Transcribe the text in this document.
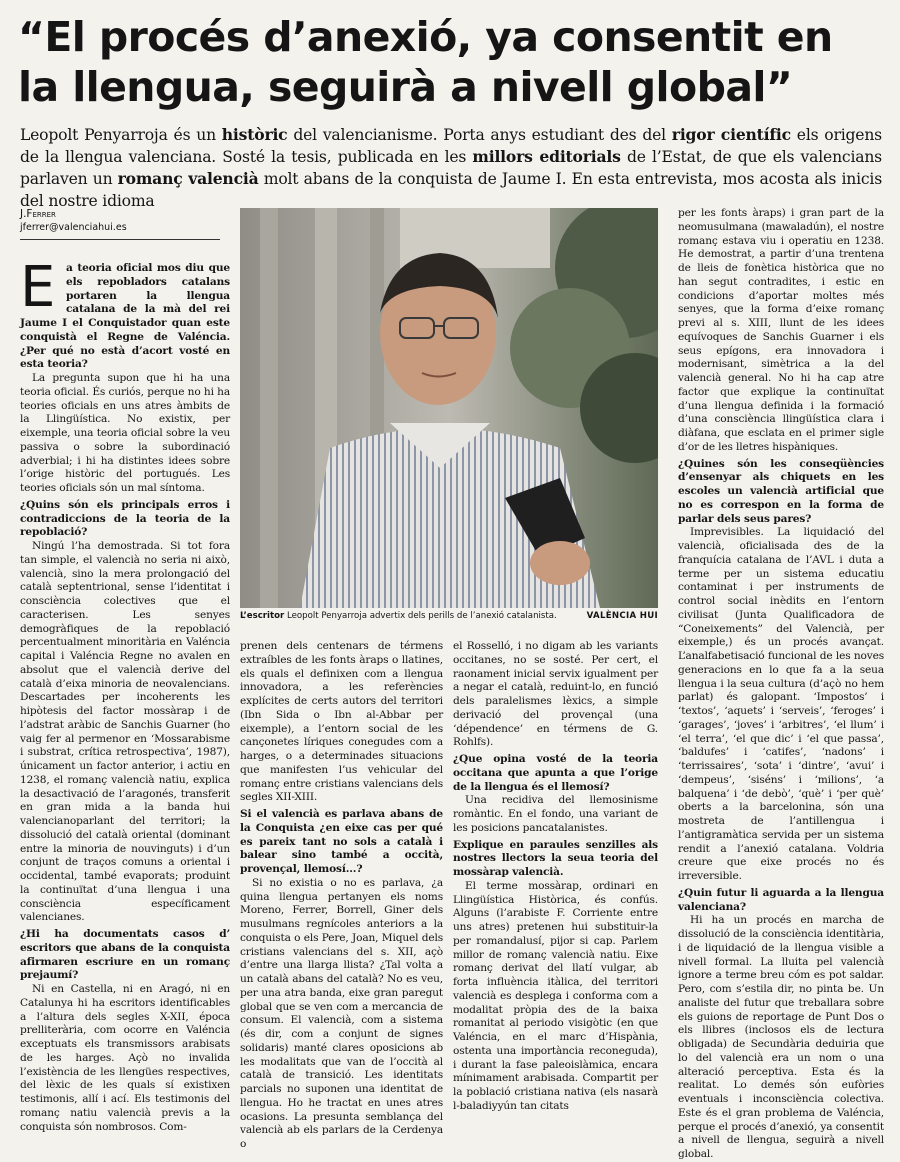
“El procés d’anexió, ya consentit en
la llengua, seguirà a nivell global”

Leopolt Penyarroja és un històric del valencianisme. Porta anys estudiant des del rigor científic els origens de la llengua valenciana. Sosté la tesis, publicada en les millors editorials de l’Estat, de que els valencians parlaven un romanç valencià molt abans de la conquista de Jaume I. En esta entrevista, mos acosta als inicis del nostre idioma

J.Ferrer
jferrer@valenciahui.es

E	a teoria oficial mos diu que els repobladors catalans portaren la llengua catalana de la mà del rei Jaume I el Conquistador quan este conquistà el Regne de Valéncia. ¿Per qué no està d’acort vosté en esta teoria?

La pregunta supon que hi ha una teoria oficial. És curiós, perque no hi ha teories oficials en uns atres àmbits de la Llingüística. No existix, per eixemple, una teoria oficial sobre la veu passiva o sobre la subordinació adverbial; i hi ha distintes idees sobre l’orige històric del portugués. Les teories oficials són un mal síntoma.

¿Quins són els principals erros i contradiccions de la teoria de la repoblació?

Ningú l’ha demostrada. Si tot fora tan simple, el valencià no seria ni això, valencià, sino la mera prolongació del català septentrional, sense l’identitat i consciència colectives que el caracterisen. Les senyes demogràfiques de la repoblació percentualment minoritària en Valéncia capital i Valéncia Regne no avalen en absolut que el valencià derive del català d’eixa minoria de neovalencians. Descartades per incoherents les hipòtesis del factor mossàrap i de l’adstrat aràbic de Sanchis Guarner (ho vaig fer al permenor en ‘Mossarabisme i substrat, crítica retrospectiva’, 1987), únicament un factor anterior, i actiu en 1238, el romanç valencià natiu, explica la desactivació de l’aragonés, transferit en gran mida a la banda hui valencianoparlant del territori; la dissolució del català oriental (dominant entre la minoria de nouvinguts) i d’un conjunt de traços comuns a oriental i occidental, també evaporats; produint la continuïtat d’una llengua i una consciència específicament valencianes.

¿Hi ha documentats casos d’ escritors que abans de la conquista afirmaren escriure en un romanç prejaumí?

Ni en Castella, ni en Aragó, ni en Catalunya hi ha escritors identificables a l’altura dels segles X-XII, época prelliterària, com ocorre en Valéncia exceptuats els transmissors arabisats de les harges. Açò no invalida l’existència de les llengües respectives, del lèxic de les quals sí existixen testimonis, allí i ací. Els testimonis del romanç natiu valencià previs a la conquista són nombrosos. Com-

L’escritor Leopolt Penyarroja advertix dels perills de l’anexió catalanista.	VALÈNCIA HUI

prenen dels centenars de térmens extraíbles de les fonts àraps o llatines, els quals el definixen com a llengua innovadora, a les referències explícites de certs autors del territori (Ibn Sida o Ibn al-Abbar per eixemple), a l’entorn social de les cançonetes líriques conegudes com a harges, o a determinades situacions que manifesten l’us vehicular del romanç entre cristians valencians dels segles XII-XIII.

Si el valencià es parlava abans de la Conquista ¿en eixe cas per qué es pareix tant no sols a català i balear sino també a occità, provençal, llemosí...?

Si no existia o no es parlava, ¿a quina llengua pertanyen els noms Moreno, Ferrer, Borrell, Giner dels musulmans regnícoles anteriors a la conquista o els Pere, Joan, Miquel dels cristians valencians del s. XII, açò d’entre una llarga llista? ¿Tal volta a un català abans del català? No es veu, per una atra banda, eixe gran paregut global que se ven com a mercancia de consum. El valencià, com a sistema (és dir, com a conjunt de signes solidaris) manté clares oposicions ab les modalitats que van de l’occità al català de transició. Les identitats parcials no suponen una identitat de llengua. Ho he tractat en unes atres ocasions. La presunta semblança del valencià ab els parlars de la Cerdenya o

el Rosselló, i no digam ab les variants occitanes, no se sosté. Per cert, el raonament inicial servix igualment per a negar el català, reduint-lo, en funció dels paralelismes lèxics, a simple derivació del provençal (una ‘dépendence’ en térmens de G. Rohlfs).

¿Que opina vosté de la teoria occitana que apunta a que l’orige de la llengua és el llemosí?

Una recidiva del llemosinisme romàntic. En el fondo, una variant de les posicions pancatalanistes.

Explique en paraules senzilles als nostres llectors la seua teoria del mossàrap valencià.

El terme mossàrap, ordinari en Llingüística Històrica, és confús. Alguns (l’arabiste F. Corriente entre uns atres) pretenen hui substituir-la per romandalusí, pijor si cap. Parlem millor de romanç valencià natiu. Eixe romanç derivat del llatí vulgar, ab forta influència itàlica, del territori valencià es desplega i conforma com a modalitat pròpia des de la baixa romanitat al periodo visigòtic (en que Valéncia, en el marc d’Hispània, ostenta una importància reconeguda), i durant la fase paleoislàmica, encara mínimament arabisada. Compartit per la població cristiana nativa (els nasarà l-baladiyyún tan citats

per les fonts àraps) i gran part de la neomusulmana (mawaladún), el nostre romanç estava viu i operatiu en 1238. He demostrat, a partir d’una trentena de lleis de fonètica històrica que no han segut contradites, i estic en condicions d’aportar moltes més senyes, que la forma d’eixe romanç previ al s. XIII, llunt de les idees equívoques de Sanchis Guarner i els seus epígons, era innovadora i modernisant, simètrica a la del valencià general. No hi ha cap atre factor que explique la continuïtat d’una llengua definida i la formació d’una consciència llingüística clara i diàfana, que esclata en el primer sigle d’or de les lletres hispàniques.

¿Quines són les conseqüències d’ensenyar als chiquets en les escoles un valencià artificial que no es correspon en la forma de parlar dels seus pares?

Imprevisibles. La liquidació del valencià, oficialisada des de la franquícia catalana de l’AVL i duta a terme per un sistema educatiu contaminat i per instruments de control social inèdits en l’entorn civilisat (Junta Qualificadora de “Coneixements” del Valencià, per eixemple,) és un procés avançat. L’analfabetisació funcional de les noves generacions en lo que fa a la seua llengua i la seua cultura (d’açò no hem parlat) és galopant. ‘Impostos’ i ‘textos’, ‘aquets’ i ‘serveis’, ‘feroges’ i ‘garages’, ‘joves’ i ‘arbitres’, ‘el llum’ i ‘el terra’, ‘el que dic’ i ‘el que passa’, ‘baldufes’ i ‘catifes’, ‘nadons’ i ‘terrissaires’, ‘sota’ i ‘dintre’, ‘avui’ i ‘dempeus’, ‘siséns’ i ‘milions’, ‘a balquena’ i ‘de debò’, ‘què’ i ‘per què’ oberts a la barcelonina, són una mostreta de l’antillengua i l’antigramàtica servida per un sistema rendit a l’anexió catalana. Voldria creure que eixe procés no és irreversible.

¿Quin futur li aguarda a la llengua valenciana?

Hi ha un procés en marcha de dissolució de la consciència identitària, i de liquidació de la llengua visible a nivell formal. La lluita pel valencià ignore a terme breu cóm es pot saldar. Pero, com s’estila dir, no pinta be. Un analiste del futur que treballara sobre els guions de reportage de Punt Dos o els llibres (inclosos els de lectura obligada) de Secundària deduiria que lo del valencià era un nom o una alteració perceptiva. Esta és la realitat. Lo demés són eufòries eventuals i inconsciència colectiva. Este és el gran problema de Valéncia, perque el procés d’anexió, ya consentit a nivell de llengua, seguirà a nivell global.
